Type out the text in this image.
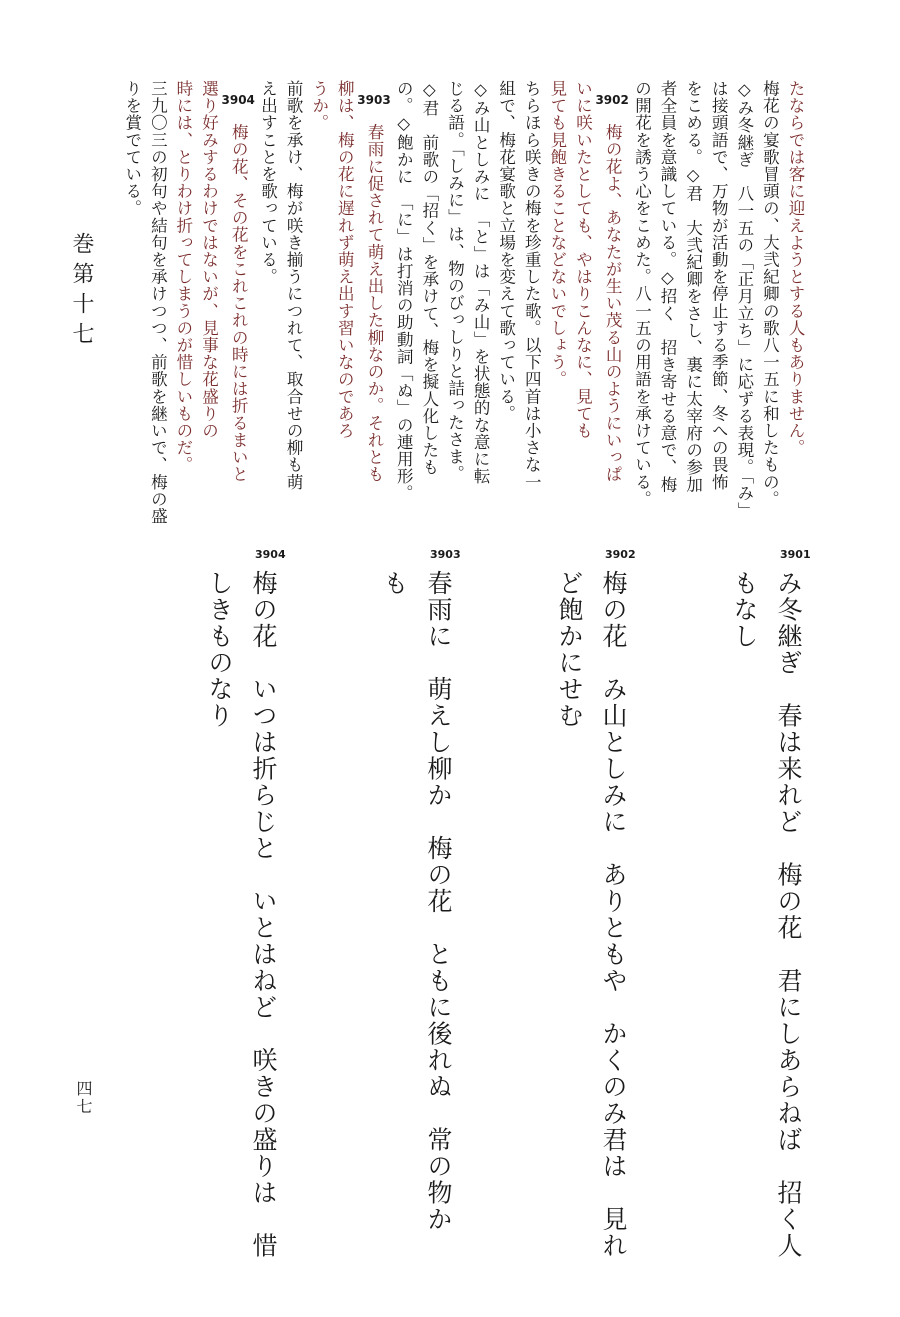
巻第十七
四七

たならでは客に迎えようとする人もありません。
梅花の宴歌冒頭の、大弐紀卿の歌八一五に和したもの。
◇み冬継ぎ　八一五の「正月立ち」に応ずる表現。「み」
は接頭語で、万物が活動を停止する季節、冬への畏怖
をこめる。◇君　大弐紀卿をさし、裏に太宰府の参加
者全員を意識している。◇招く　招き寄せる意で、梅
の開花を誘う心をこめた。八一五の用語を承けている。

3902梅の花よ、あなたが生い茂る山のようにいっぱ
いに咲いたとしても、やはりこんなに、見ても
見ても見飽きることなどないでしょう。
ちらほら咲きの梅を珍重した歌。以下四首は小さな一
組で、梅花宴歌と立場を変えて歌っている。
◇み山としみに　「と」は「み山」を状態的な意に転
じる語。「しみに」は、物のびっしりと詰ったさま。
◇君　前歌の「招く」を承けて、梅を擬人化したも
の。◇飽かに　「に」は打消の助動詞「ぬ」の連用形。

3903春雨に促されて萌え出した柳なのか。それとも
柳は、梅の花に遅れず萌え出す習いなのであろ
うか。
前歌を承け、梅が咲き揃うにつれて、取合せの柳も萌
え出すことを歌っている。

3904梅の花、その花をこれこれの時には折るまいと
選り好みするわけではないが、見事な花盛りの
時には、とりわけ折ってしまうのが惜しいものだ。
三九〇三の初句や結句を承けつつ、前歌を継いで、梅の盛
りを賞でている。

3901
み冬継ぎ　春は来れど　梅の花　君にしあらねば　招く人
もなし
3902
梅の花　み山としみに　ありともや　かくのみ君は　見れ
ど飽かにせむ
3903
春雨に　萌えし柳か　梅の花　ともに後れぬ　常の物か
も
3904
梅の花　いつは折らじと　いとはねど　咲きの盛りは　惜
しきものなり
